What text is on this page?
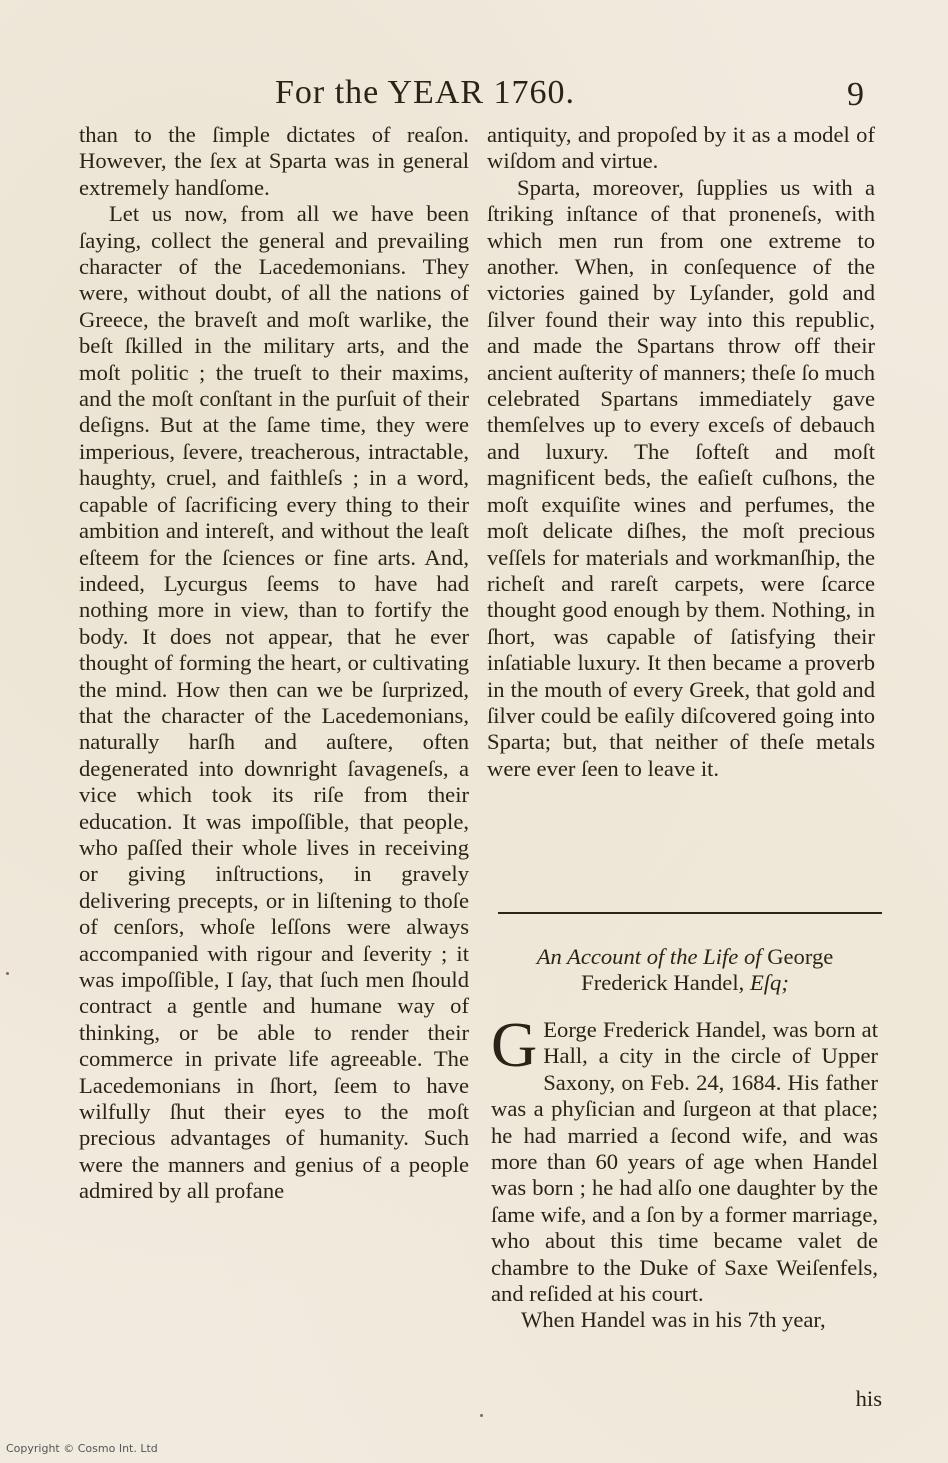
For the YEAR 1760.	9

than to the ſimple dictates of reaſon. However, the ſex at Sparta was in general extremely handſome.

Let us now, from all we have been ſaying, collect the general and prevailing character of the Lacedemonians. They were, without doubt, of all the nations of Greece, the braveſt and moſt warlike, the beſt ſkilled in the military arts, and the moſt politic ; the trueſt to their maxims, and the moſt conſtant in the purſuit of their deſigns. But at the ſame time, they were imperious, ſevere, treacherous, intractable, haughty, cruel, and faithleſs ; in a word, capable of ſacrificing every thing to their ambition and intereſt, and without the leaſt eſteem for the ſciences or fine arts. And, indeed, Lycurgus ſeems to have had nothing more in view, than to fortify the body. It does not appear, that he ever thought of forming the heart, or cultivating the mind. How then can we be ſurprized, that the character of the Lacedemonians, naturally harſh and auſtere, often degenerated into downright ſavageneſs, a vice which took its riſe from their education. It was impoſſible, that people, who paſſed their whole lives in receiving or giving inſtructions, in gravely delivering precepts, or in liſtening to thoſe of cenſors, whoſe leſſons were always accompanied with rigour and ſeverity ; it was impoſſible, I ſay, that ſuch men ſhould contract a gentle and humane way of thinking, or be able to render their commerce in private life agreeable. The Lacedemonians in ſhort, ſeem to have wilfully ſhut their eyes to the moſt precious advantages of humanity. Such were the manners and genius of a people admired by all profane

antiquity, and propoſed by it as a model of wiſdom and virtue.

Sparta, moreover, ſupplies us with a ſtriking inſtance of that proneneſs, with which men run from one extreme to another. When, in conſequence of the victories gained by Lyſander, gold and ſilver found their way into this republic, and made the Spartans throw off their ancient auſterity of manners; theſe ſo much celebrated Spartans immediately gave themſelves up to every exceſs of debauch and luxury. The ſofteſt and moſt magnificent beds, the eaſieſt cuſhons, the moſt exquiſite wines and perfumes, the moſt delicate diſhes, the moſt precious veſſels for materials and workmanſhip, the richeſt and rareſt carpets, were ſcarce thought good enough by them. Nothing, in ſhort, was capable of ſatisfying their inſatiable luxury. It then became a proverb in the mouth of every Greek, that gold and ſilver could be eaſily diſcovered going into Sparta; but, that neither of theſe metals were ever ſeen to leave it.

An Account of the Life of George
Frederick Handel, Eſq;

G Eorge Frederick Handel, was born at Hall, a city in the circle of Upper Saxony, on Feb. 24, 1684. His father was a phyſician and ſurgeon at that place; he had married a ſecond wife, and was more than 60 years of age when Handel was born ; he had alſo one daughter by the ſame wife, and a ſon by a former marriage, who about this time became valet de chambre to the Duke of Saxe Weiſenfels, and reſided at his court.

When Handel was in his 7th year,

his
Copyright © Cosmo Int. Ltd
